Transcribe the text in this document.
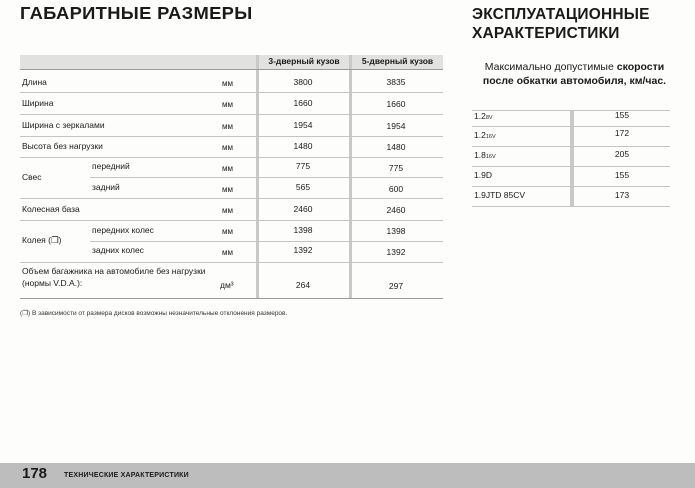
ГАБАРИТНЫЕ РАЗМЕРЫ	ЭКСПЛУАТАЦИОННЫЕ
ХАРАКТЕРИСТИКИ
Максимально допустимые скорости
после обкатки автомобиля, км/час.
3-дверный кузов	5-дверный кузов
Длина	мм	3800	3835
Ширина	мм	1660	1660
Ширина с зеркалами	мм	1954	1954
Высота без нагрузки	мм	1480	1480
Свес
передний	мм	775	775
задний	мм	565	600
Колесная база	мм	2460	2460
Колея (❐)
передних колес	мм	1398	1398
задних колес	мм	1392	1392
Объем багажника на автомобиле без нагрузки
(нормы V.D.A.):	дм³	264	297
(❐) В зависимости от размера дисков возможны незначительные отклонения размеров.
1.28V	155
1.216V	172
1.816V	205
1.9D	155
1.9JTD 85CV	173
178 ТЕХНИЧЕСКИЕ ХАРАКТЕРИСТИКИ
